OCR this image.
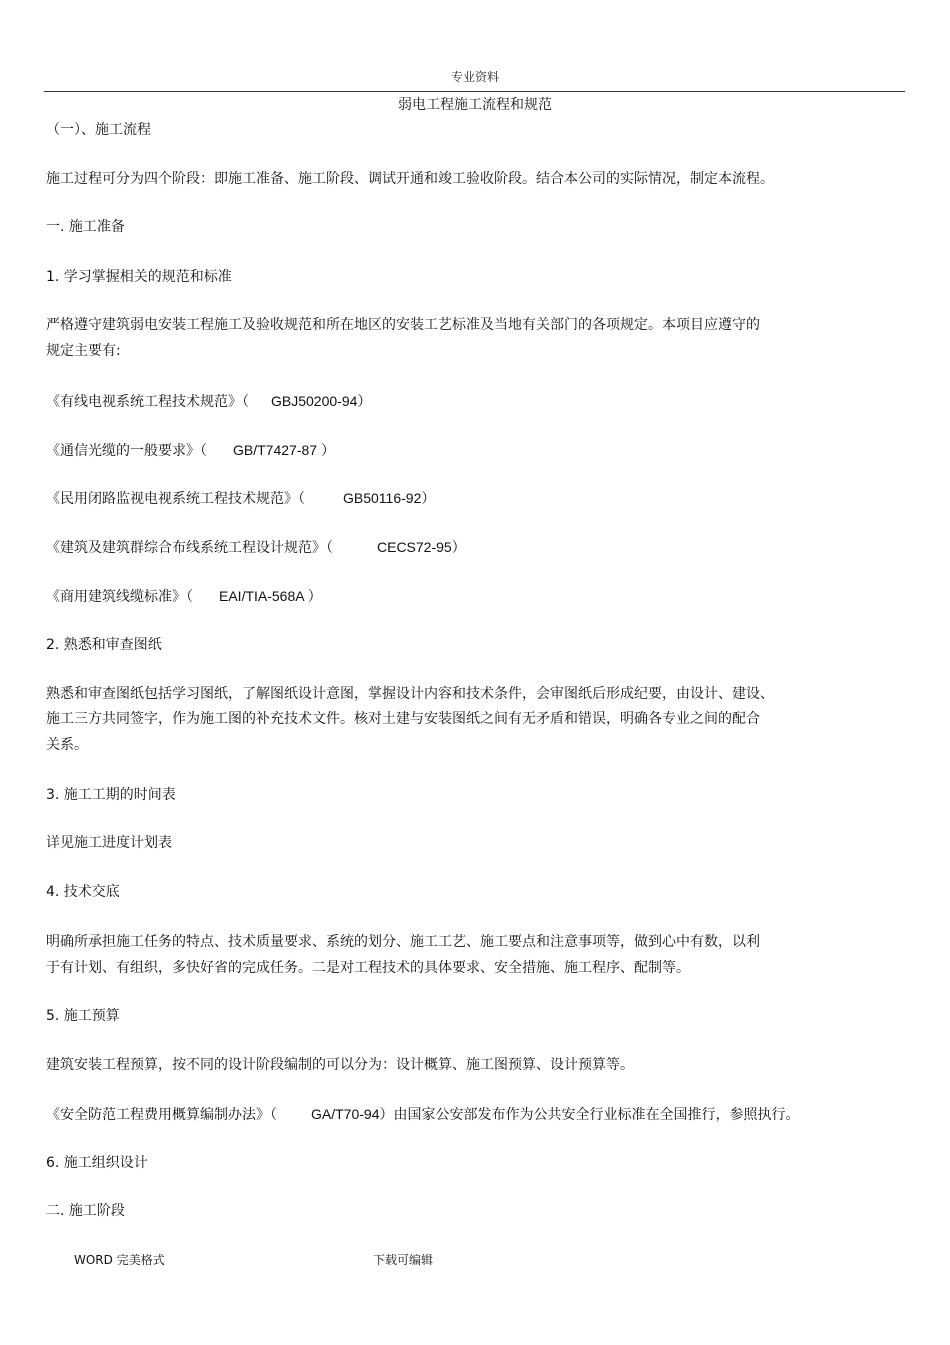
专业资料
弱电工程施工流程和规范

（一）、施工流程

施工过程可分为四个阶段：即施工准备、施工阶段、调试开通和竣工验收阶段。结合本公司的实际情况，制定本流程。

一. 施工准备

1. 学习掌握相关的规范和标准

严格遵守建筑弱电安装工程施工及验收规范和所在地区的安装工艺标准及当地有关部门的各项规定。本项目应遵守的

规定主要有:

《有线电视系统工程技术规范》（ GBJ50200-94）

《通信光缆的一般要求》（ GB/T7427-87 ）

《民用闭路监视电视系统工程技术规范》（	GB50116-92）

《建筑及建筑群综合布线系统工程设计规范》（	CECS72-95）

《商用建筑线缆标准》（ EAI/TIA-568A ）

2. 熟悉和审查图纸

熟悉和审查图纸包括学习图纸，了解图纸设计意图，掌握设计内容和技术条件，会审图纸后形成纪要，由设计、建设、

施工三方共同签字，作为施工图的补充技术文件。核对土建与安装图纸之间有无矛盾和错误，明确各专业之间的配合

关系。

3. 施工工期的时间表

详见施工进度计划表

4. 技术交底

明确所承担施工任务的特点、技术质量要求、系统的划分、施工工艺、施工要点和注意事项等，做到心中有数，以利

于有计划、有组织，多快好省的完成任务。二是对工程技术的具体要求、安全措施、施工程序、配制等。

5. 施工预算

建筑安装工程预算，按不同的设计阶段编制的可以分为：设计概算、施工图预算、设计预算等。

《安全防范工程费用概算编制办法》（ GA/T70-94）由国家公安部发布作为公共安全行业标准在全国推行，参照执行。

6. 施工组织设计

二. 施工阶段

WORD 完美格式	下载可编辑
